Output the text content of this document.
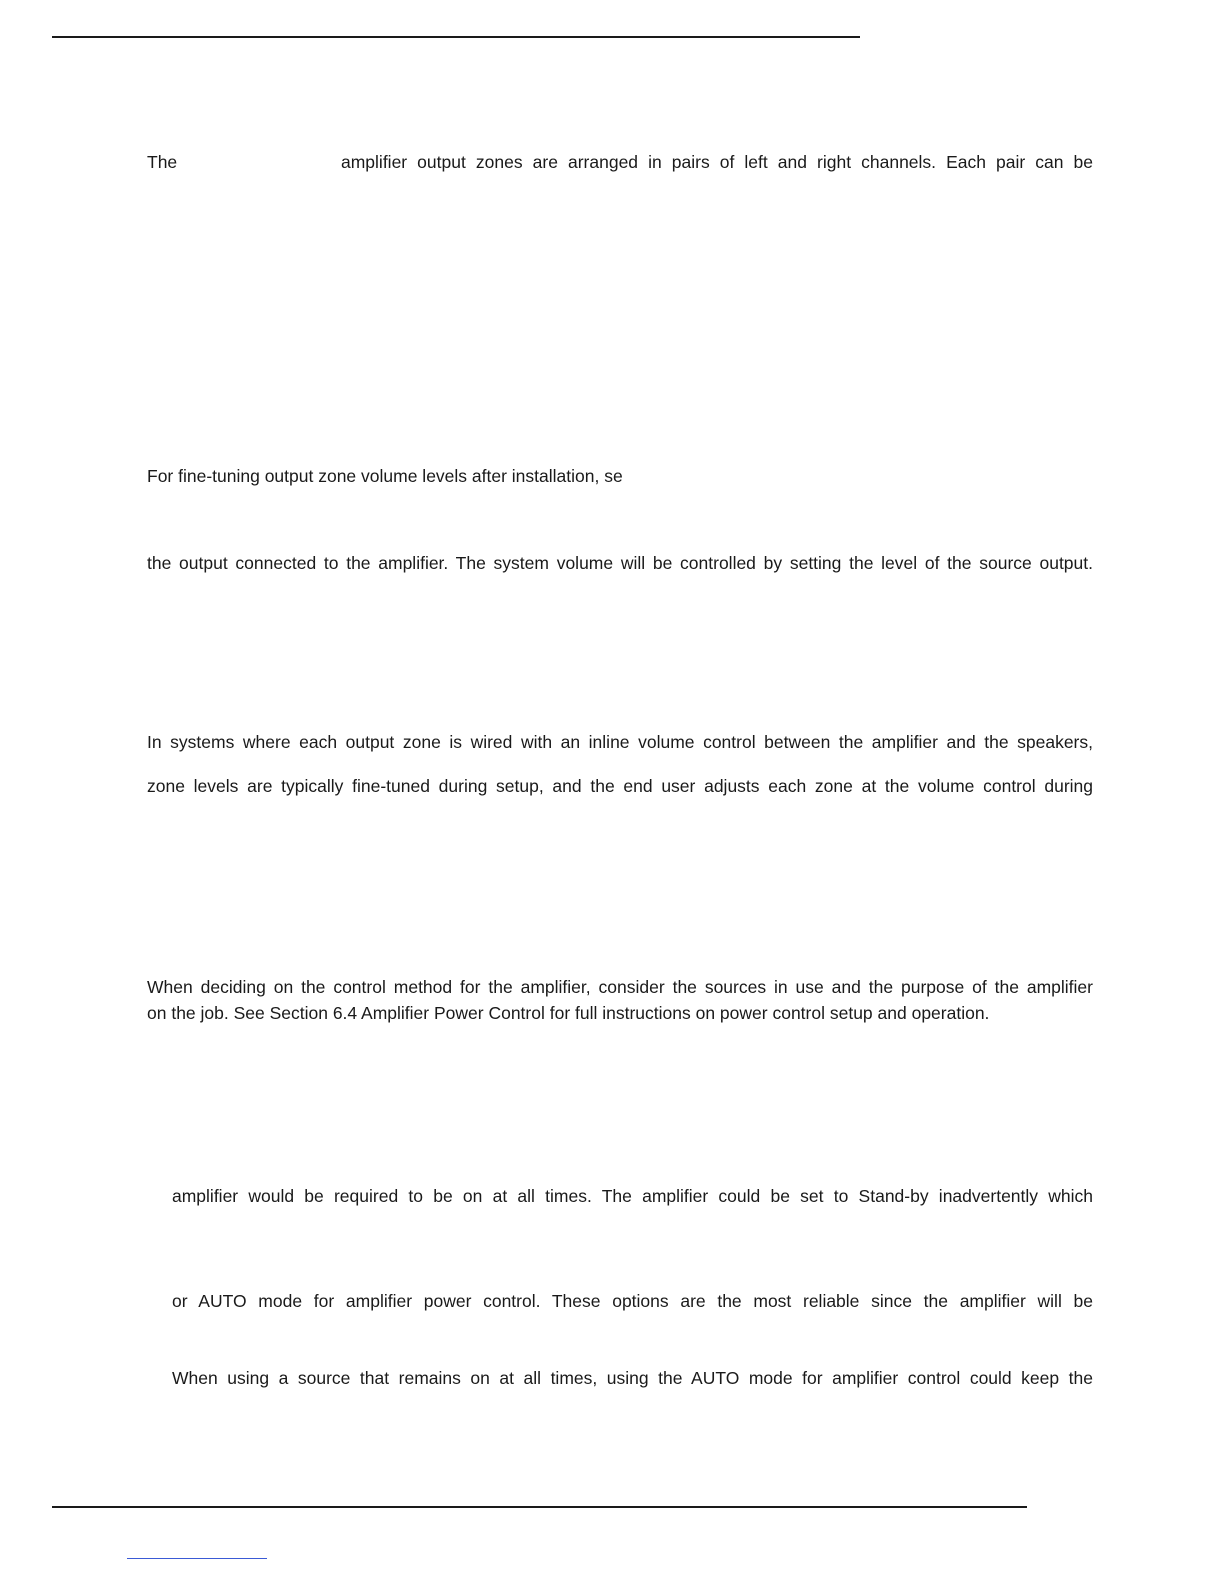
The	amplifier output zones are arranged in pairs of left and right channels. Each pair can be
For fine-tuning output zone volume levels after installation, se
the output connected to the amplifier. The system volume will be controlled by setting the level of the source output.
In systems where each output zone is wired with an inline volume control between the amplifier and the speakers,
zone levels are typically fine-tuned during setup, and the end user adjusts each zone at the volume control during
When deciding on the control method for the amplifier, consider the sources in use and the purpose of the amplifier
on the job. See Section 6.4 Amplifier Power Control for full instructions on power control setup and operation.
amplifier would be required to be on at all times. The amplifier could be set to Stand-by inadvertently which
or AUTO mode for amplifier power control. These options are the most reliable since the amplifier will be
When using a source that remains on at all times, using the AUTO mode for amplifier control could keep the
